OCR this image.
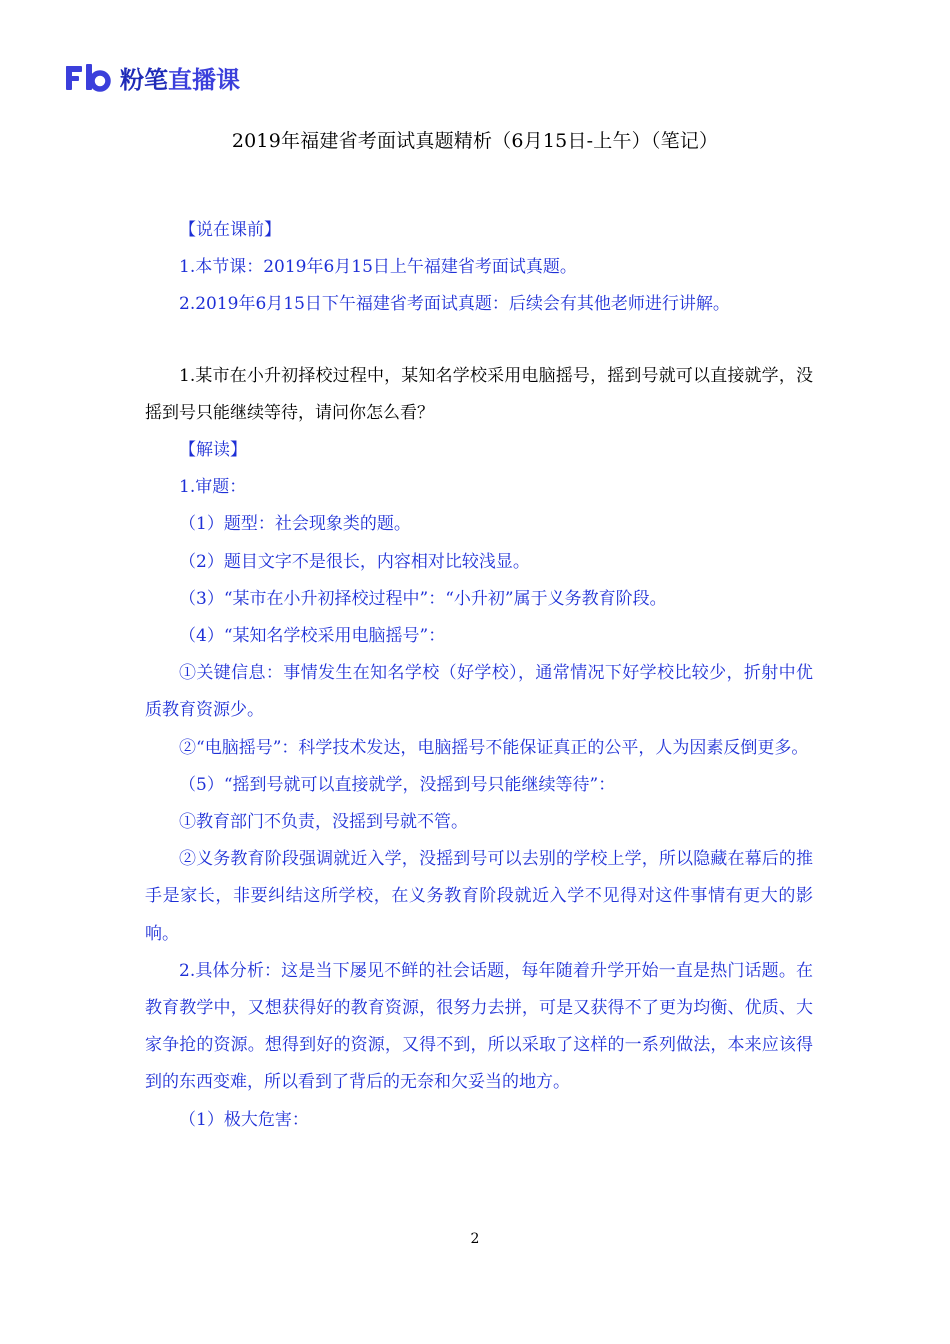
粉笔直播课
2019年福建省考面试真题精析（6月15日-上午）（笔记）

【说在课前】

1.本节课：2019年6月15日上午福建省考面试真题。

2.2019年6月15日下午福建省考面试真题：后续会有其他老师进行讲解。

1.某市在小升初择校过程中，某知名学校采用电脑摇号，摇到号就可以直接就学，没摇到号只能继续等待，请问你怎么看？

【解读】

1.审题：

（1）题型：社会现象类的题。

（2）题目文字不是很长，内容相对比较浅显。

（3）“某市在小升初择校过程中”：“小升初”属于义务教育阶段。

（4）“某知名学校采用电脑摇号”：

①关键信息：事情发生在知名学校（好学校），通常情况下好学校比较少，折射中优质教育资源少。

②“电脑摇号”：科学技术发达，电脑摇号不能保证真正的公平，人为因素反倒更多。

（5）“摇到号就可以直接就学，没摇到号只能继续等待”：

①教育部门不负责，没摇到号就不管。

②义务教育阶段强调就近入学，没摇到号可以去别的学校上学，所以隐藏在幕后的推手是家长，非要纠结这所学校，在义务教育阶段就近入学不见得对这件事情有更大的影响。

2.具体分析：这是当下屡见不鲜的社会话题，每年随着升学开始一直是热门话题。在教育教学中，又想获得好的教育资源，很努力去拼，可是又获得不了更为均衡、优质、大家争抢的资源。想得到好的资源，又得不到，所以采取了这样的一系列做法，本来应该得到的东西变难，所以看到了背后的无奈和欠妥当的地方。

（1）极大危害：

2
